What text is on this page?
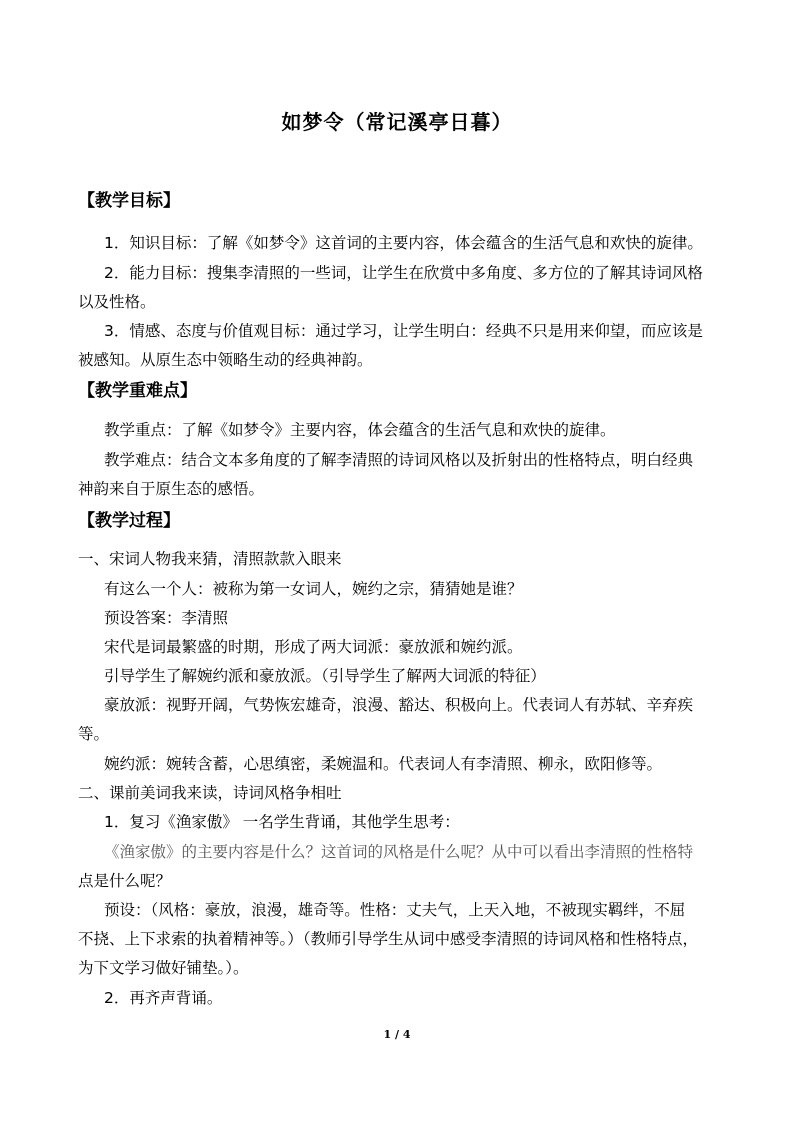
如梦令（常记溪亭日暮）
【教学目标】
1．知识目标：了解《如梦令》这首词的主要内容，体会蕴含的生活气息和欢快的旋律。
2．能力目标：搜集李清照的一些词，让学生在欣赏中多角度、多方位的了解其诗词风格
以及性格。
3．情感、态度与价值观目标：通过学习，让学生明白：经典不只是用来仰望，而应该是
被感知。从原生态中领略生动的经典神韵。
【教学重难点】
教学重点：了解《如梦令》主要内容，体会蕴含的生活气息和欢快的旋律。
教学难点：结合文本多角度的了解李清照的诗词风格以及折射出的性格特点，明白经典
神韵来自于原生态的感悟。
【教学过程】
一、宋词人物我来猜，清照款款入眼来
有这么一个人：被称为第一女词人，婉约之宗，猜猜她是谁？
预设答案：李清照
宋代是词最繁盛的时期，形成了两大词派：豪放派和婉约派。
引导学生了解婉约派和豪放派。（引导学生了解两大词派的特征）
豪放派：视野开阔，气势恢宏雄奇，浪漫、豁达、积极向上。代表词人有苏轼、辛弃疾
等。
婉约派：婉转含蓄，心思缜密，柔婉温和。代表词人有李清照、柳永，欧阳修等。
二、课前美词我来读，诗词风格争相吐
1．复习《渔家傲》 一名学生背诵，其他学生思考：
《渔家傲》的主要内容是什么？这首词的风格是什么呢？从中可以看出李清照的性格特
点是什么呢？
预设：（风格：豪放，浪漫，雄奇等。性格：丈夫气，上天入地，不被现实羁绊，不屈
不挠、上下求索的执着精神等。）（教师引导学生从词中感受李清照的诗词风格和性格特点，
为下文学习做好铺垫。）。
2．再齐声背诵。
1 / 4
